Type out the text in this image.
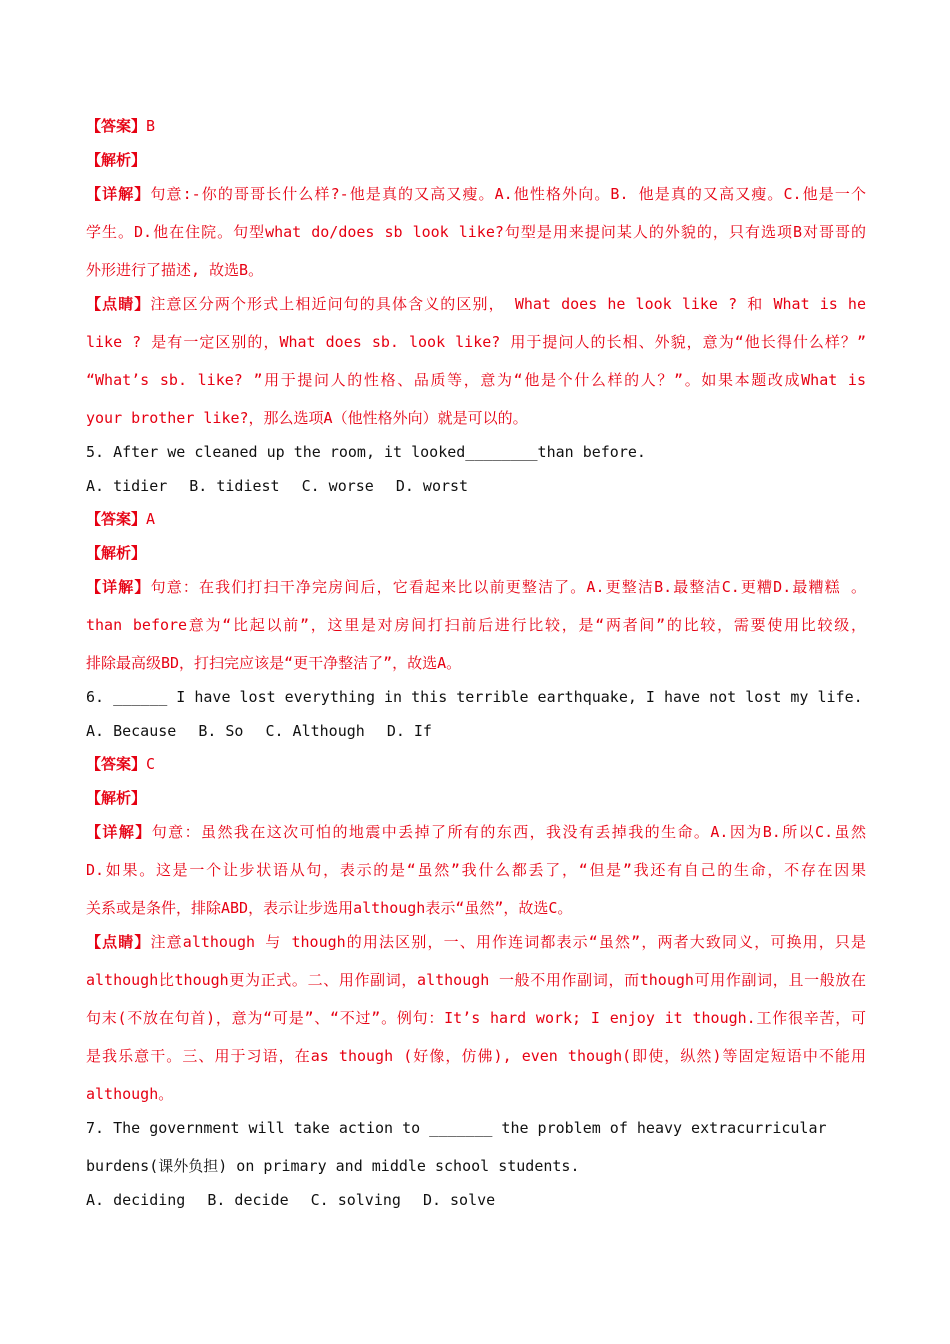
【答案】B
【解析】
【详解】句意:-你的哥哥长什么样?-他是真的又高又瘦。A.他性格外向。B. 他是真的又高又瘦。C.他是一个
学生。D.他在住院。句型what do/does sb look like?句型是用来提问某人的外貌的，只有选项B对哥哥的
外形进行了描述, 故选B。
【点睛】注意区分两个形式上相近问句的具体含义的区别， What does he look like ? 和 What is he
like ? 是有一定区别的，What does sb. look like? 用于提问人的长相、外貌，意为“他长得什么样？”
“What’s sb. like? ”用于提问人的性格、品质等，意为“他是个什么样的人？”。如果本题改成What is
your brother like?，那么选项A（他性格外向）就是可以的。
5. After we cleaned up the room, it looked________than before.
A. tidier B. tidiest C. worse D. worst
【答案】A
【解析】
【详解】句意：在我们打扫干净完房间后，它看起来比以前更整洁了。A.更整洁B.最整洁C.更糟D.最糟糕 。
than before意为“比起以前”，这里是对房间打扫前后进行比较，是“两者间”的比较，需要使用比较级，
排除最高级BD，打扫完应该是“更干净整洁了”，故选A。
6. ______ I have lost everything in this terrible earthquake, I have not lost my life.
A. Because B. So C. Although D. If
【答案】C
【解析】
【详解】句意：虽然我在这次可怕的地震中丢掉了所有的东西，我没有丢掉我的生命。A.因为B.所以C.虽然
D.如果。这是一个让步状语从句，表示的是“虽然”我什么都丢了，“但是”我还有自己的生命，不存在因果
关系或是条件，排除ABD，表示让步选用although表示“虽然”，故选C。
【点睛】注意although 与 though的用法区别，一、用作连词都表示“虽然”，两者大致同义，可换用，只是
although比though更为正式。二、用作副词，although 一般不用作副词，而though可用作副词，且一般放在
句末(不放在句首)，意为“可是”、“不过”。例句：It’s hard work; I enjoy it though.工作很辛苦，可
是我乐意干。三、用于习语，在as though (好像，仿佛), even though(即使，纵然)等固定短语中不能用
although。
7. The government will take action to _______ the problem of heavy extracurricular
burdens(课外负担) on primary and middle school students.
A. deciding B. decide C. solving D. solve
